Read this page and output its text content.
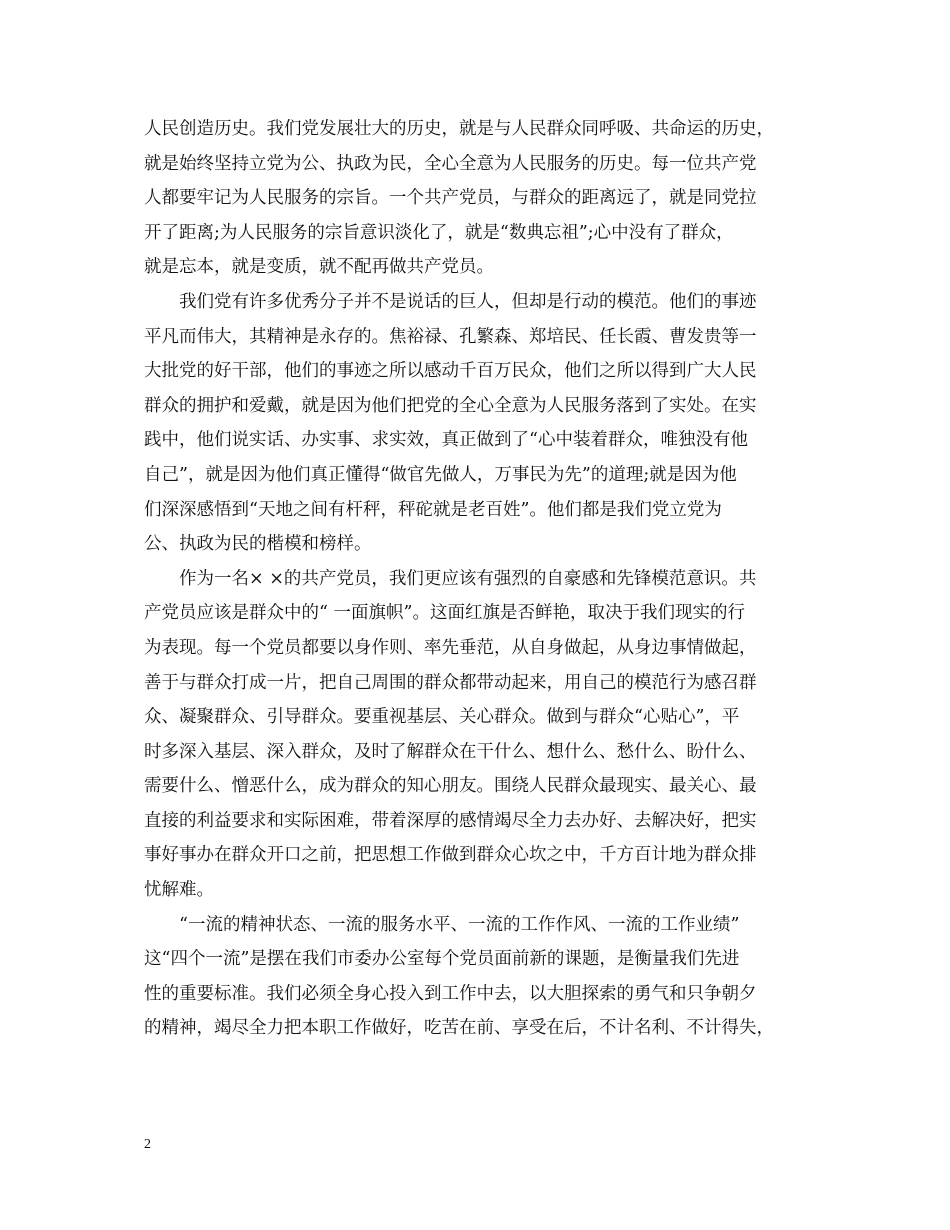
人民创造历史。我们党发展壮大的历史，就是与人民群众同呼吸、共命运的历史，
就是始终坚持立党为公、执政为民，全心全意为人民服务的历史。每一位共产党
人都要牢记为人民服务的宗旨。一个共产党员，与群众的距离远了，就是同党拉
开了距离;为人民服务的宗旨意识淡化了，就是“数典忘祖”;心中没有了群众，
就是忘本，就是变质，就不配再做共产党员。

我们党有许多优秀分子并不是说话的巨人，但却是行动的模范。他们的事迹
平凡而伟大，其精神是永存的。焦裕禄、孔繁森、郑培民、任长霞、曹发贵等一
大批党的好干部，他们的事迹之所以感动千百万民众，他们之所以得到广大人民
群众的拥护和爱戴，就是因为他们把党的全心全意为人民服务落到了实处。在实
践中，他们说实话、办实事、求实效，真正做到了“心中装着群众，唯独没有他
自己”，就是因为他们真正懂得“做官先做人，万事民为先”的道理;就是因为他
们深深感悟到“天地之间有杆秤，秤砣就是老百姓”。他们都是我们党立党为
公、执政为民的楷模和榜样。

作为一名× ×的共产党员，我们更应该有强烈的自豪感和先锋模范意识。共
产党员应该是群众中的“ 一面旗帜”。这面红旗是否鲜艳，取决于我们现实的行
为表现。每一个党员都要以身作则、率先垂范，从自身做起，从身边事情做起，
善于与群众打成一片，把自己周围的群众都带动起来，用自己的模范行为感召群
众、凝聚群众、引导群众。要重视基层、关心群众。做到与群众“心贴心”，平
时多深入基层、深入群众，及时了解群众在干什么、想什么、愁什么、盼什么、
需要什么、憎恶什么，成为群众的知心朋友。围绕人民群众最现实、最关心、最
直接的利益要求和实际困难，带着深厚的感情竭尽全力去办好、去解决好，把实
事好事办在群众开口之前，把思想工作做到群众心坎之中，千方百计地为群众排
忧解难。

“一流的精神状态、一流的服务水平、一流的工作作风、一流的工作业绩”
这“四个一流”是摆在我们市委办公室每个党员面前新的课题，是衡量我们先进
性的重要标准。我们必须全身心投入到工作中去，以大胆探索的勇气和只争朝夕
的精神，竭尽全力把本职工作做好，吃苦在前、享受在后，不计名利、不计得失，

2
